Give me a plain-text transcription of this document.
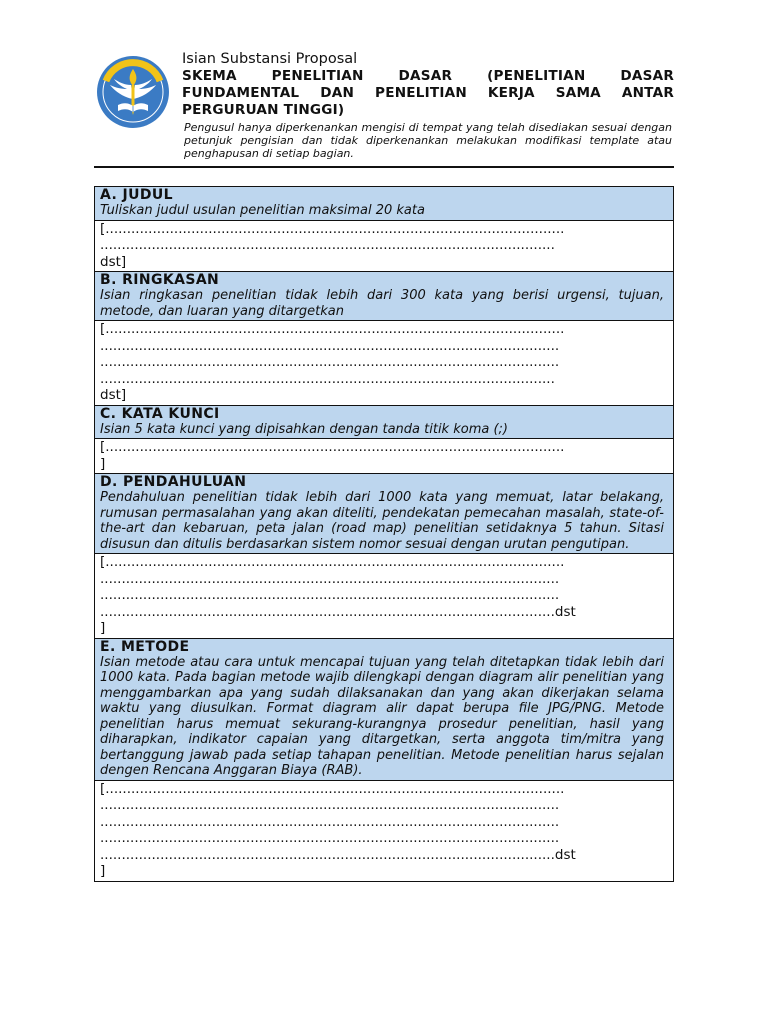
Isian Substansi Proposal

SKEMA PENELITIAN DASAR (PENELITIAN DASAR FUNDAMENTAL DAN PENELITIAN KERJA SAMA ANTAR PERGURUAN TINGGI)

Pengusul hanya diperkenankan mengisi di tempat yang telah disediakan sesuai dengan petunjuk pengisian dan tidak diperkenankan melakukan modifikasi template atau penghapusan di setiap bagian.

A. JUDUL
Tuliskan judul usulan penelitian maksimal 20 kata

[...........................................................................................................
..........................................................................................................
dst]

B. RINGKASAN
Isian ringkasan penelitian tidak lebih dari 300 kata yang berisi urgensi, tujuan, metode, dan luaran yang ditargetkan

[...........................................................................................................
...........................................................................................................
...........................................................................................................
..........................................................................................................
dst]

C. KATA KUNCI
Isian 5 kata kunci yang dipisahkan dengan tanda titik koma (;)

[...........................................................................................................
]

D. PENDAHULUAN
Pendahuluan penelitian tidak lebih dari 1000 kata yang memuat, latar belakang, rumusan permasalahan yang akan diteliti, pendekatan pemecahan masalah, state-of-the-art dan kebaruan, peta jalan (road map) penelitian setidaknya 5 tahun. Sitasi disusun dan ditulis berdasarkan sistem nomor sesuai dengan urutan pengutipan.

[...........................................................................................................
...........................................................................................................
...........................................................................................................
..........................................................................................................dst
]

E. METODE
Isian metode atau cara untuk mencapai tujuan yang telah ditetapkan tidak lebih dari 1000 kata. Pada bagian metode wajib dilengkapi dengan diagram alir penelitian yang menggambarkan apa yang sudah dilaksanakan dan yang akan dikerjakan selama waktu yang diusulkan. Format diagram alir dapat berupa file JPG/PNG. Metode penelitian harus memuat sekurang-kurangnya prosedur penelitian, hasil yang diharapkan, indikator capaian yang ditargetkan, serta anggota tim/mitra yang bertanggung jawab pada setiap tahapan penelitian. Metode penelitian harus sejalan dengen Rencana Anggaran Biaya (RAB).

[...........................................................................................................
...........................................................................................................
...........................................................................................................
...........................................................................................................
..........................................................................................................dst
]
